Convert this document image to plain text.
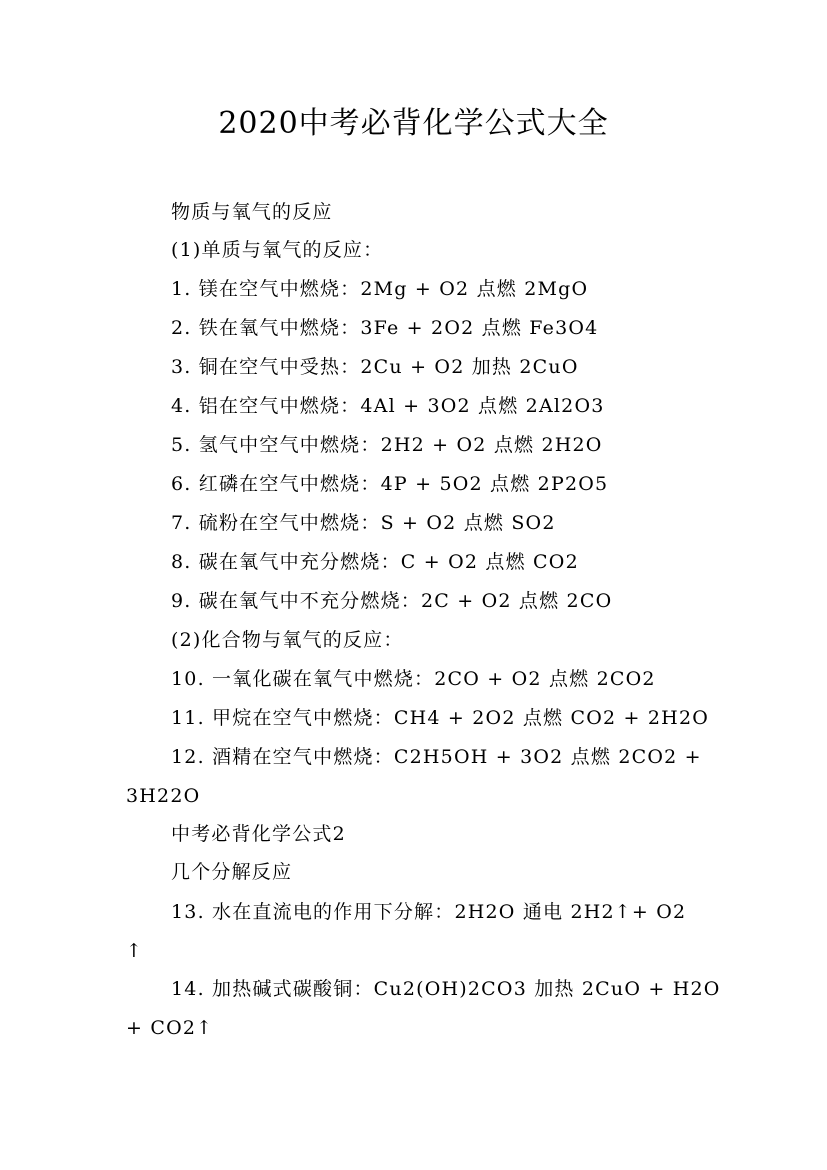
2020中考必背化学公式大全
物质与氧气的反应
(1)单质与氧气的反应：
1. 镁在空气中燃烧：2Mg + O2 点燃 2MgO
2. 铁在氧气中燃烧：3Fe + 2O2 点燃 Fe3O4
3. 铜在空气中受热：2Cu + O2 加热 2CuO
4. 铝在空气中燃烧：4Al + 3O2 点燃 2Al2O3
5. 氢气中空气中燃烧：2H2 + O2 点燃 2H2O
6. 红磷在空气中燃烧：4P + 5O2 点燃 2P2O5
7. 硫粉在空气中燃烧：S + O2 点燃 SO2
8. 碳在氧气中充分燃烧：C + O2 点燃 CO2
9. 碳在氧气中不充分燃烧：2C + O2 点燃 2CO
(2)化合物与氧气的反应：
10. 一氧化碳在氧气中燃烧：2CO + O2 点燃 2CO2
11. 甲烷在空气中燃烧：CH4 + 2O2 点燃 CO2 + 2H2O
12. 酒精在空气中燃烧：C2H5OH + 3O2 点燃 2CO2 +
3H22O
中考必背化学公式2
几个分解反应
13. 水在直流电的作用下分解：2H2O 通电 2H2↑+ O2
↑
14. 加热碱式碳酸铜：Cu2(OH)2CO3 加热 2CuO + H2O
+ CO2↑
